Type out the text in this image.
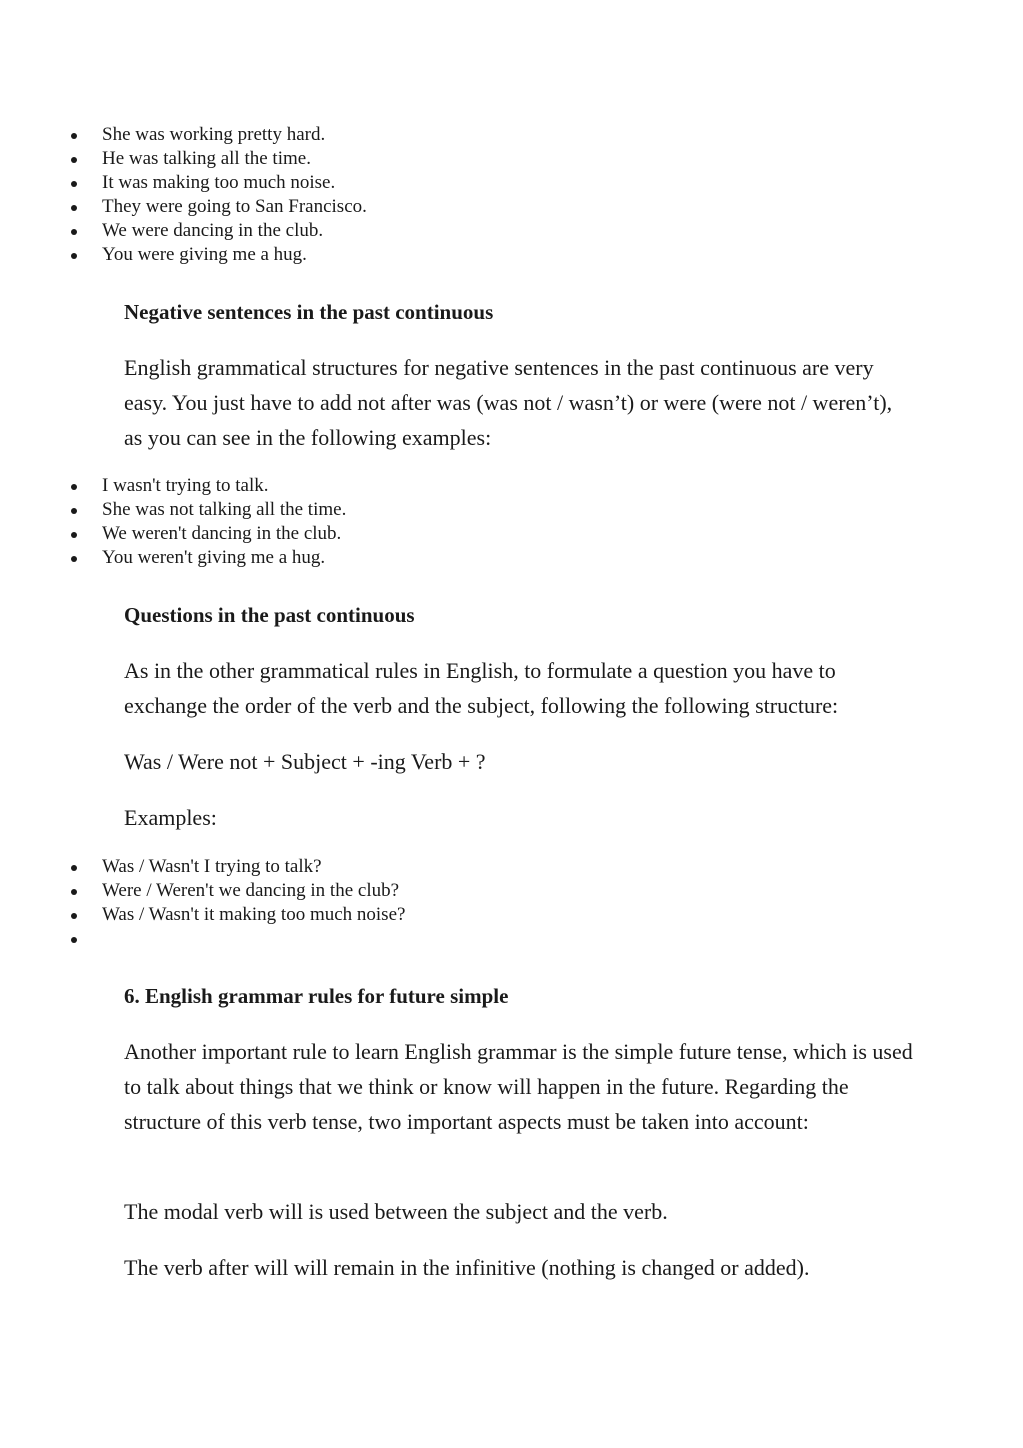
She was working pretty hard.
He was talking all the time.
It was making too much noise.
They were going to San Francisco.
We were dancing in the club.
You were giving me a hug.
Negative sentences in the past continuous

English grammatical structures for negative sentences in the past continuous are very easy. You just have to add not after was (was not / wasn’t) or were (were not / weren’t), as you can see in the following examples:

I wasn't trying to talk.
She was not talking all the time.
We weren't dancing in the club.
You weren't giving me a hug.
Questions in the past continuous

As in the other grammatical rules in English, to formulate a question you have to exchange the order of the verb and the subject, following the following structure:

Was / Were not + Subject + -ing Verb + ?

Examples:

Was / Wasn't I trying to talk?
Were / Weren't we dancing in the club?
Was / Wasn't it making too much noise?
6. English grammar rules for future simple

Another important rule to learn English grammar is the simple future tense, which is used to talk about things that we think or know will happen in the future. Regarding the structure of this verb tense, two important aspects must be taken into account:

The modal verb will is used between the subject and the verb.

The verb after will will remain in the infinitive (nothing is changed or added).
